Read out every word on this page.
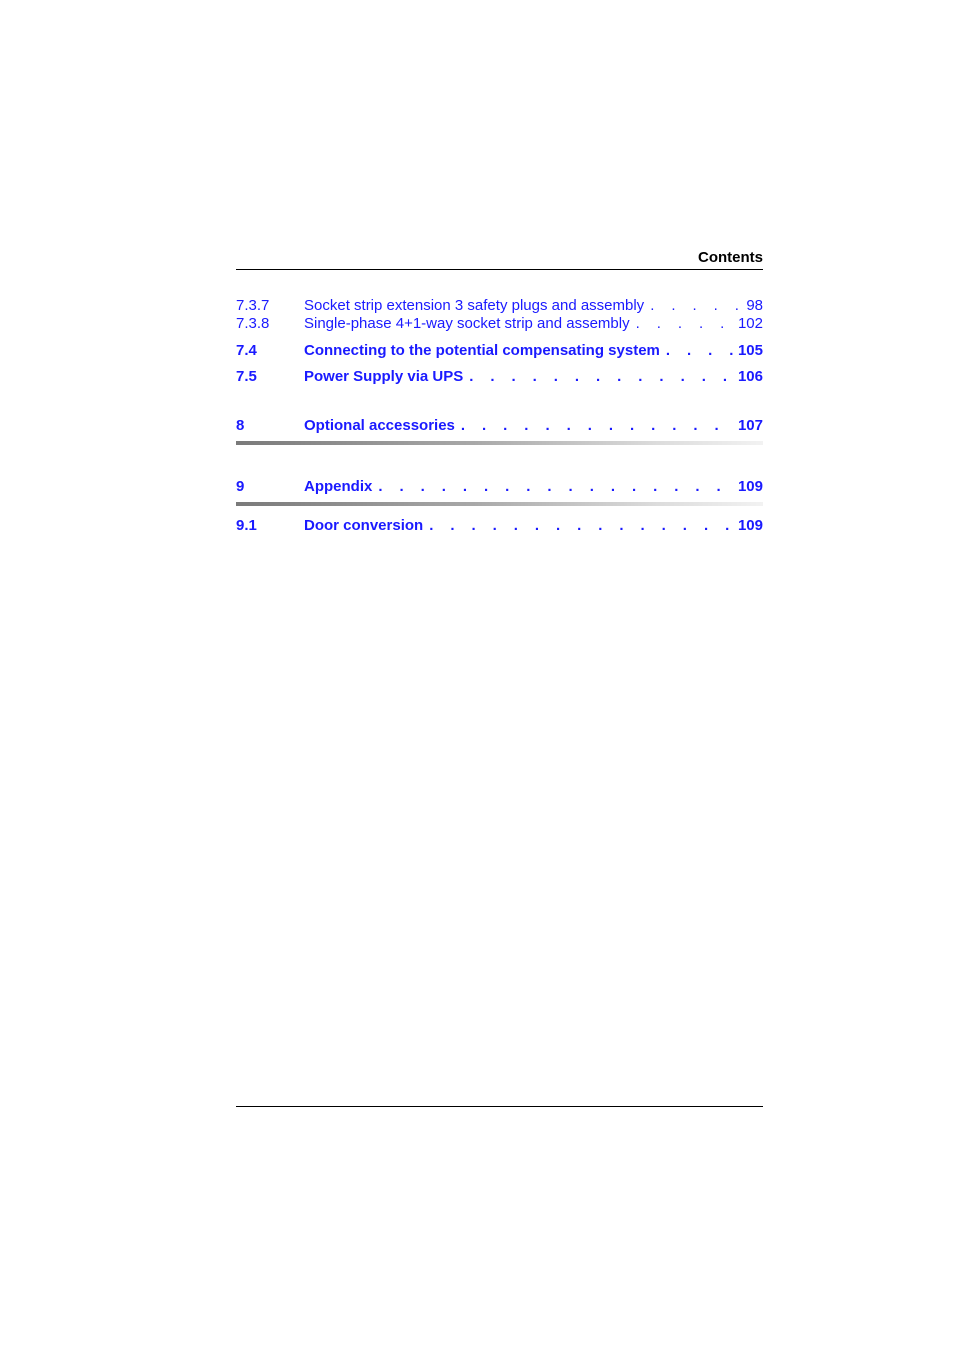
Contents
7.3.7	Socket strip extension 3 safety plugs and assembly . . .	98
7.3.8	Single-phase 4+1-way socket strip and assembly . . .	102
7.4	Connecting to the potential compensating system . . .	105
7.5	Power Supply via UPS . . .	106
8	Optional accessories . . .	107
9	Appendix . . .	109
9.1	Door conversion . . .	109
